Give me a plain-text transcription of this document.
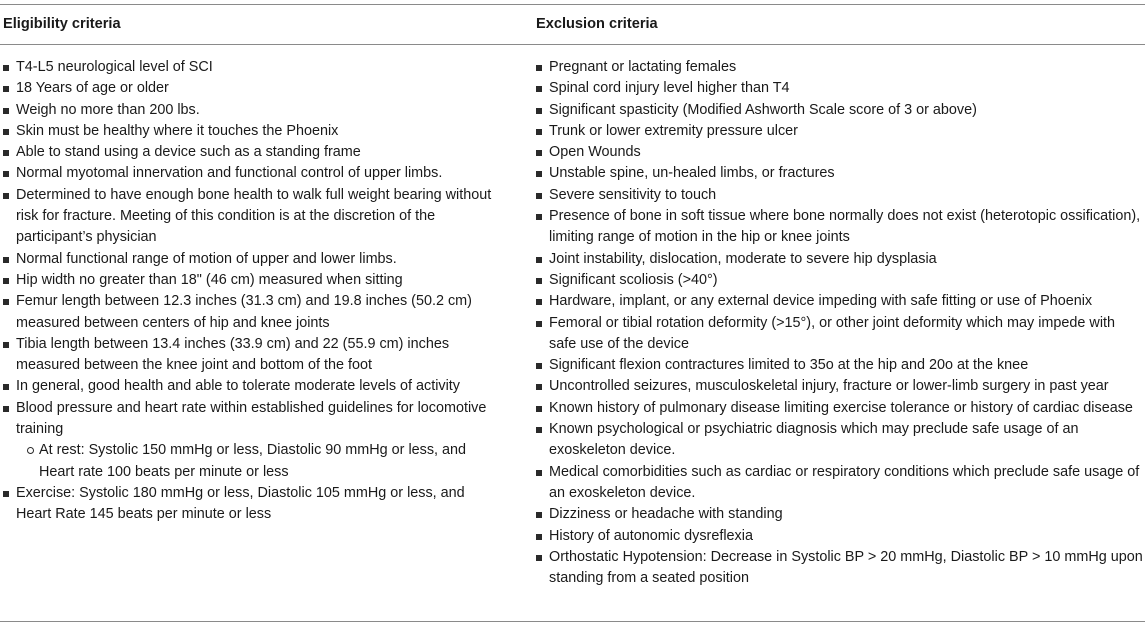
Eligibility criteria	Exclusion criteria
T4-L5 neurological level of SCI
18 Years of age or older
Weigh no more than 200 lbs.
Skin must be healthy where it touches the Phoenix
Able to stand using a device such as a standing frame
Normal myotomal innervation and functional control of upper limbs.
Determined to have enough bone health to walk full weight bearing without risk for fracture. Meeting of this condition is at the discretion of the participant’s physician
Normal functional range of motion of upper and lower limbs.
Hip width no greater than 18" (46 cm) measured when sitting
Femur length between 12.3 inches (31.3 cm) and 19.8 inches (50.2 cm) measured between centers of hip and knee joints
Tibia length between 13.4 inches (33.9 cm) and 22 (55.9 cm) inches measured between the knee joint and bottom of the foot
In general, good health and able to tolerate moderate levels of activity
Blood pressure and heart rate within established guidelines for locomotive training
At rest: Systolic 150 mmHg or less, Diastolic 90 mmHg or less, and Heart rate 100 beats per minute or less
Exercise: Systolic 180 mmHg or less, Diastolic 105 mmHg or less, and Heart Rate 145 beats per minute or less
Pregnant or lactating females
Spinal cord injury level higher than T4
Significant spasticity (Modified Ashworth Scale score of 3 or above)
Trunk or lower extremity pressure ulcer
Open Wounds
Unstable spine, un-healed limbs, or fractures
Severe sensitivity to touch
Presence of bone in soft tissue where bone normally does not exist (heterotopic ossification), limiting range of motion in the hip or knee joints
Joint instability, dislocation, moderate to severe hip dysplasia
Significant scoliosis (>40°)
Hardware, implant, or any external device impeding with safe fitting or use of Phoenix
Femoral or tibial rotation deformity (>15°), or other joint deformity which may impede with safe use of the device
Significant flexion contractures limited to 35o at the hip and 20o at the knee
Uncontrolled seizures, musculoskeletal injury, fracture or lower-limb surgery in past year
Known history of pulmonary disease limiting exercise tolerance or history of cardiac disease
Known psychological or psychiatric diagnosis which may preclude safe usage of an exoskeleton device.
Medical comorbidities such as cardiac or respiratory conditions which preclude safe usage of an exoskeleton device.
Dizziness or headache with standing
History of autonomic dysreflexia
Orthostatic Hypotension: Decrease in Systolic BP > 20 mmHg, Diastolic BP > 10 mmHg upon standing from a seated position
